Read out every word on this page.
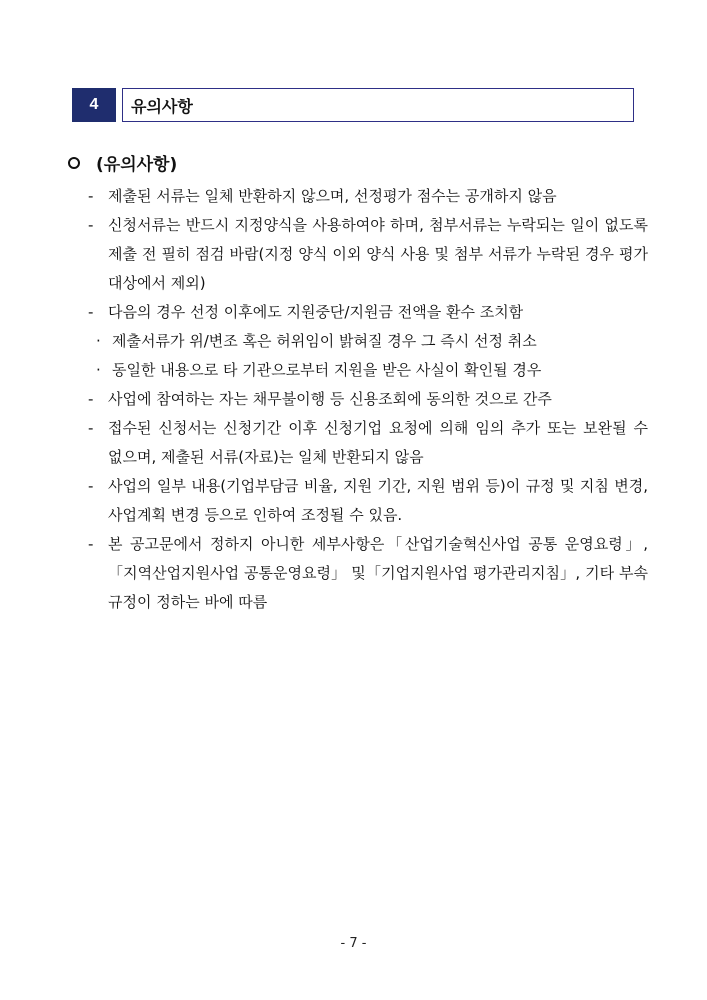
4	유의사항
(유의사항)
- 제출된 서류는 일체 반환하지 않으며, 선정평가 점수는 공개하지 않음
- 신청서류는 반드시 지정양식을 사용하여야 하며, 첨부서류는 누락되는 일이 없도록 제출 전 필히 점검 바람(지정 양식 이외 양식 사용 및 첨부 서류가 누락된 경우 평가 대상에서 제외)
- 다음의 경우 선정 이후에도 지원중단/지원금 전액을 환수 조치함
· 제출서류가 위/변조 혹은 허위임이 밝혀질 경우 그 즉시 선정 취소
· 동일한 내용으로 타 기관으로부터 지원을 받은 사실이 확인될 경우
- 사업에 참여하는 자는 채무불이행 등 신용조회에 동의한 것으로 간주
- 접수된 신청서는 신청기간 이후 신청기업 요청에 의해 임의 추가 또는 보완될 수 없으며, 제출된 서류(자료)는 일체 반환되지 않음
- 사업의 일부 내용(기업부담금 비율, 지원 기간, 지원 범위 등)이 규정 및 지침 변경, 사업계획 변경 등으로 인하여 조정될 수 있음.
- 본 공고문에서 정하지 아니한 세부사항은「산업기술혁신사업 공통 운영요령」,「지역산업지원사업 공통운영요령」 및「기업지원사업 평가관리지침」, 기타 부속 규정이 정하는 바에 따름
- 7 -
